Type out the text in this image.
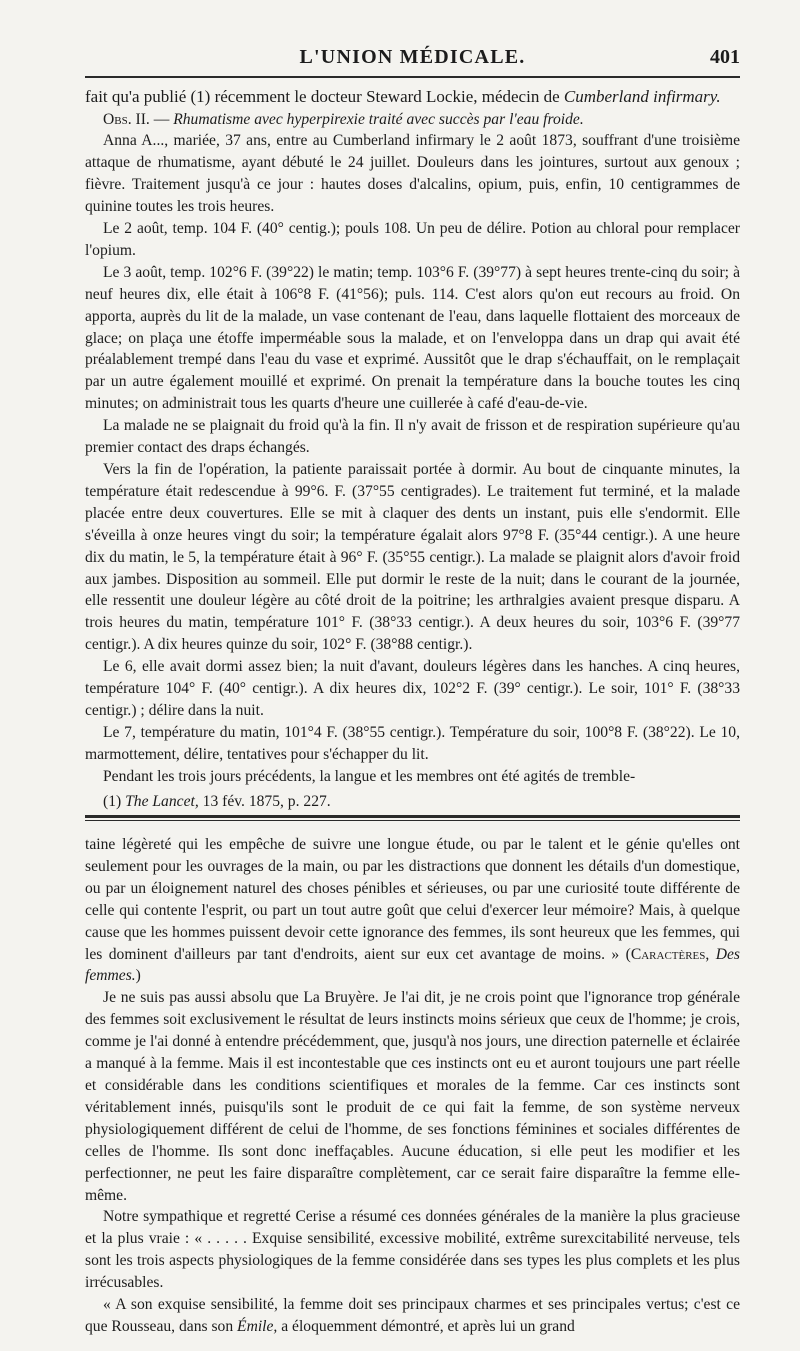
L'UNION MÉDICALE.	401

fait qu'a publié (1) récemment le docteur Steward Lockie, médecin de Cumberland infirmary.

Obs. II. — Rhumatisme avec hyperpirexie traité avec succès par l'eau froide.

Anna A..., mariée, 37 ans, entre au Cumberland infirmary le 2 août 1873, souffrant d'une troisième attaque de rhumatisme, ayant débuté le 24 juillet. Douleurs dans les jointures, surtout aux genoux ; fièvre. Traitement jusqu'à ce jour : hautes doses d'alcalins, opium, puis, enfin, 10 centigrammes de quinine toutes les trois heures.

Le 2 août, temp. 104 F. (40° centig.); pouls 108. Un peu de délire. Potion au chloral pour remplacer l'opium.

Le 3 août, temp. 102°6 F. (39°22) le matin; temp. 103°6 F. (39°77) à sept heures trente-cinq du soir; à neuf heures dix, elle était à 106°8 F. (41°56); puls. 114. C'est alors qu'on eut recours au froid. On apporta, auprès du lit de la malade, un vase contenant de l'eau, dans laquelle flottaient des morceaux de glace; on plaça une étoffe imperméable sous la malade, et on l'enveloppa dans un drap qui avait été préalablement trempé dans l'eau du vase et exprimé. Aussitôt que le drap s'échauffait, on le remplaçait par un autre également mouillé et exprimé. On prenait la température dans la bouche toutes les cinq minutes; on administrait tous les quarts d'heure une cuillerée à café d'eau-de-vie.

La malade ne se plaignait du froid qu'à la fin. Il n'y avait de frisson et de respiration supérieure qu'au premier contact des draps échangés.

Vers la fin de l'opération, la patiente paraissait portée à dormir. Au bout de cinquante minutes, la température était redescendue à 99°6. F. (37°55 centigrades). Le traitement fut terminé, et la malade placée entre deux couvertures. Elle se mit à claquer des dents un instant, puis elle s'endormit. Elle s'éveilla à onze heures vingt du soir; la température égalait alors 97°8 F. (35°44 centigr.). A une heure dix du matin, le 5, la température était à 96° F. (35°55 centigr.). La malade se plaignit alors d'avoir froid aux jambes. Disposition au sommeil. Elle put dormir le reste de la nuit; dans le courant de la journée, elle ressentit une douleur légère au côté droit de la poitrine; les arthralgies avaient presque disparu. A trois heures du matin, température 101° F. (38°33 centigr.). A deux heures du soir, 103°6 F. (39°77 centigr.). A dix heures quinze du soir, 102° F. (38°88 centigr.).

Le 6, elle avait dormi assez bien; la nuit d'avant, douleurs légères dans les hanches. A cinq heures, température 104° F. (40° centigr.). A dix heures dix, 102°2 F. (39° centigr.). Le soir, 101° F. (38°33 centigr.) ; délire dans la nuit.

Le 7, température du matin, 101°4 F. (38°55 centigr.). Température du soir, 100°8 F. (38°22). Le 10, marmottement, délire, tentatives pour s'échapper du lit.

Pendant les trois jours précédents, la langue et les membres ont été agités de tremble-

(1) The Lancet, 13 fév. 1875, p. 227.

taine légèreté qui les empêche de suivre une longue étude, ou par le talent et le génie qu'elles ont seulement pour les ouvrages de la main, ou par les distractions que donnent les détails d'un domestique, ou par un éloignement naturel des choses pénibles et sérieuses, ou par une curiosité toute différente de celle qui contente l'esprit, ou part un tout autre goût que celui d'exercer leur mémoire? Mais, à quelque cause que les hommes puissent devoir cette ignorance des femmes, ils sont heureux que les femmes, qui les dominent d'ailleurs par tant d'endroits, aient sur eux cet avantage de moins. » (Caractères, Des femmes.)

Je ne suis pas aussi absolu que La Bruyère. Je l'ai dit, je ne crois point que l'ignorance trop générale des femmes soit exclusivement le résultat de leurs instincts moins sérieux que ceux de l'homme; je crois, comme je l'ai donné à entendre précédemment, que, jusqu'à nos jours, une direction paternelle et éclairée a manqué à la femme. Mais il est incontestable que ces instincts ont eu et auront toujours une part réelle et considérable dans les conditions scientifiques et morales de la femme. Car ces instincts sont véritablement innés, puisqu'ils sont le produit de ce qui fait la femme, de son système nerveux physiologiquement différent de celui de l'homme, de ses fonctions féminines et sociales différentes de celles de l'homme. Ils sont donc ineffaçables. Aucune éducation, si elle peut les modifier et les perfectionner, ne peut les faire disparaître complètement, car ce serait faire disparaître la femme elle-même.

Notre sympathique et regretté Cerise a résumé ces données générales de la manière la plus gracieuse et la plus vraie : « . . . . . Exquise sensibilité, excessive mobilité, extrême surexcitabilité nerveuse, tels sont les trois aspects physiologiques de la femme considérée dans ses types les plus complets et les plus irrécusables.

« A son exquise sensibilité, la femme doit ses principaux charmes et ses principales vertus; c'est ce que Rousseau, dans son Émile, a éloquemment démontré, et après lui un grand
